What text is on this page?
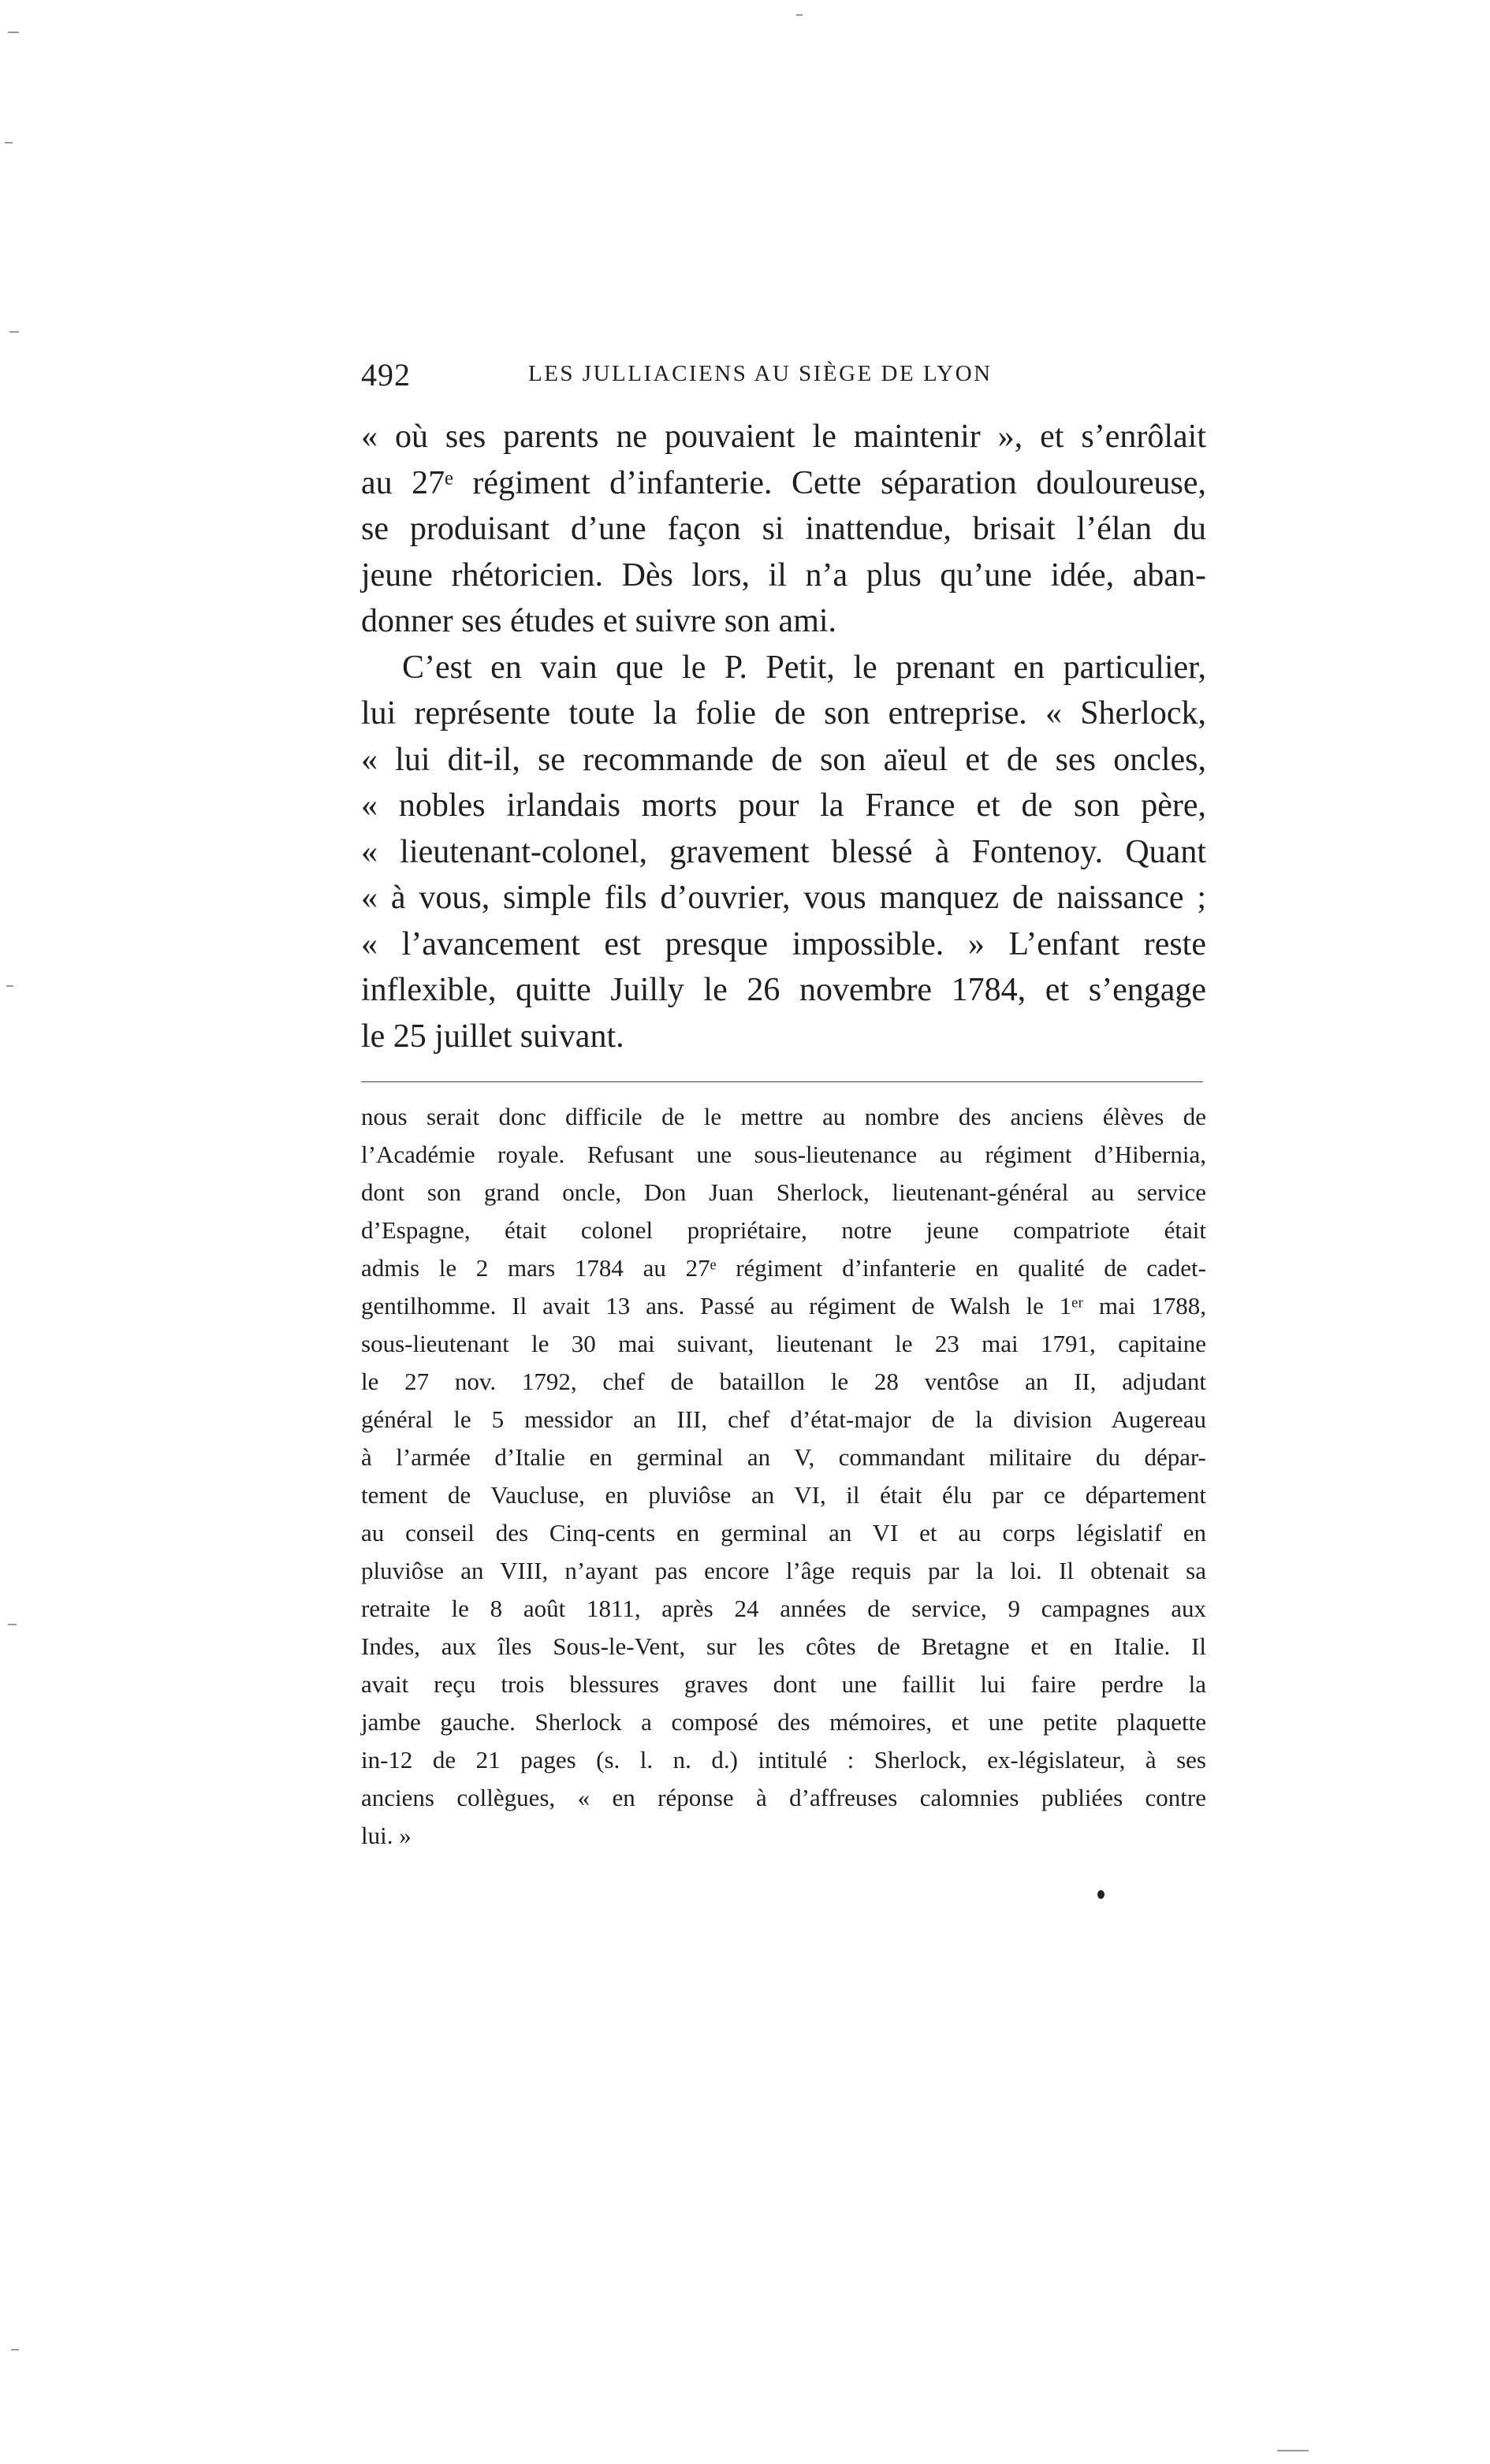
492	LES JULLIACIENS AU SIÈGE DE LYON
« où ses parents ne pouvaient le maintenir », et s’enrôlait
au 27ᵉ régiment d’infanterie. Cette séparation douloureuse,
se produisant d’une façon si inattendue, brisait l’élan du
jeune rhétoricien. Dès lors, il n’a plus qu’une idée, aban-
donner ses études et suivre son ami.
C’est en vain que le P. Petit, le prenant en particulier,
lui représente toute la folie de son entreprise. « Sherlock,
« lui dit-il, se recommande de son aïeul et de ses oncles,
« nobles irlandais morts pour la France et de son père,
« lieutenant-colonel, gravement blessé à Fontenoy. Quant
« à vous, simple fils d’ouvrier, vous manquez de naissance ;
« l’avancement est presque impossible. » L’enfant reste
inflexible, quitte Juilly le 26 novembre 1784, et s’engage
le 25 juillet suivant.
nous serait donc difficile de le mettre au nombre des anciens élèves de
l’Académie royale. Refusant une sous-lieutenance au régiment d’Hibernia,
dont son grand oncle, Don Juan Sherlock, lieutenant-général au service
d’Espagne, était colonel propriétaire, notre jeune compatriote était
admis le 2 mars 1784 au 27ᵉ régiment d’infanterie en qualité de cadet-
gentilhomme. Il avait 13 ans. Passé au régiment de Walsh le 1ᵉʳ mai 1788,
sous-lieutenant le 30 mai suivant, lieutenant le 23 mai 1791, capitaine
le 27 nov. 1792, chef de bataillon le 28 ventôse an II, adjudant
général le 5 messidor an III, chef d’état-major de la division Augereau
à l’armée d’Italie en germinal an V, commandant militaire du dépar-
tement de Vaucluse, en pluviôse an VI, il était élu par ce département
au conseil des Cinq-cents en germinal an VI et au corps législatif en
pluviôse an VIII, n’ayant pas encore l’âge requis par la loi. Il obtenait sa
retraite le 8 août 1811, après 24 années de service, 9 campagnes aux
Indes, aux îles Sous-le-Vent, sur les côtes de Bretagne et en Italie. Il
avait reçu trois blessures graves dont une faillit lui faire perdre la
jambe gauche. Sherlock a composé des mémoires, et une petite plaquette
in-12 de 21 pages (s. l. n. d.) intitulé : Sherlock, ex-législateur, à ses
anciens collègues, « en réponse à d’affreuses calomnies publiées contre
lui. »
